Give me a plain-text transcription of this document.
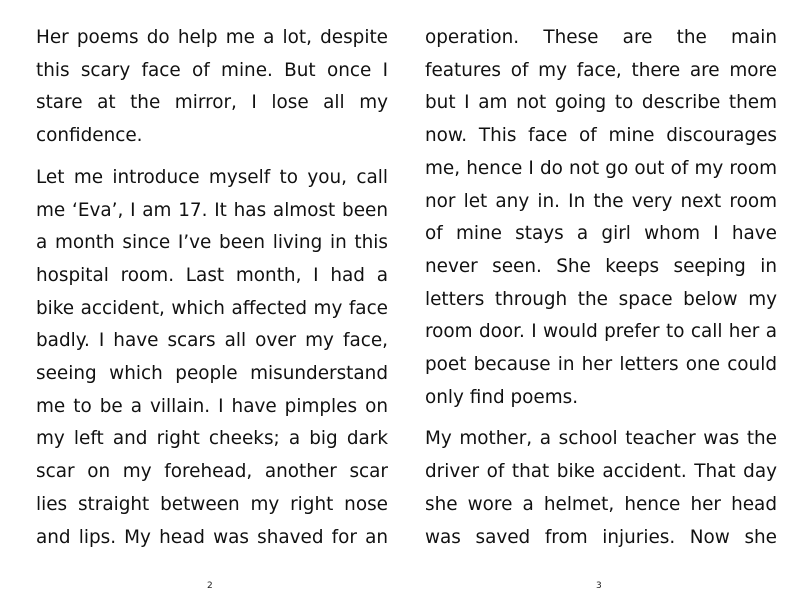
Her poems do help me a lot, despite this scary face of mine. But once I stare at the mirror, I lose all my confidence.

Let me introduce myself to you, call me ‘Eva’, I am 17. It has almost been a month since I’ve been living in this hospital room. Last month, I had a bike accident, which affected my face badly. I have scars all over my face, seeing which people misunderstand me to be a villain. I have pimples on my left and right cheeks; a big dark scar on my forehead, another scar lies straight between my right nose and lips. My head was shaved for an

2

operation. These are the main features of my face, there are more but I am not going to describe them now. This face of mine discourages me, hence I do not go out of my room nor let any in. In the very next room of mine stays a girl whom I have never seen. She keeps seeping in letters through the space below my room door. I would prefer to call her a poet because in her letters one could only find poems.

My mother, a school teacher was the driver of that bike accident. That day she wore a helmet, hence her head was saved from injuries. Now she

3
